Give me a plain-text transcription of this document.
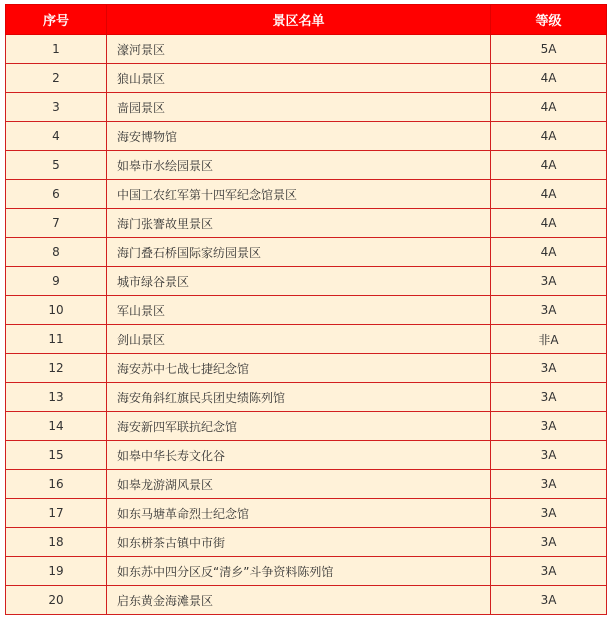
序号	景区名单	等级
1	濠河景区	5A
2	狼山景区	4A
3	啬园景区	4A
4	海安博物馆	4A
5	如皋市水绘园景区	4A
6	中国工农红军第十四军纪念馆景区	4A
7	海门张謇故里景区	4A
8	海门叠石桥国际家纺园景区	4A
9	城市绿谷景区	3A
10	军山景区	3A
11	剑山景区	非A
12	海安苏中七战七捷纪念馆	3A
13	海安角斜红旗民兵团史绩陈列馆	3A
14	海安新四军联抗纪念馆	3A
15	如皋中华长寿文化谷	3A
16	如皋龙游湖风景区	3A
17	如东马塘革命烈士纪念馆	3A
18	如东栟茶古镇中市街	3A
19	如东苏中四分区反“清乡”斗争资料陈列馆	3A
20	启东黄金海滩景区	3A
